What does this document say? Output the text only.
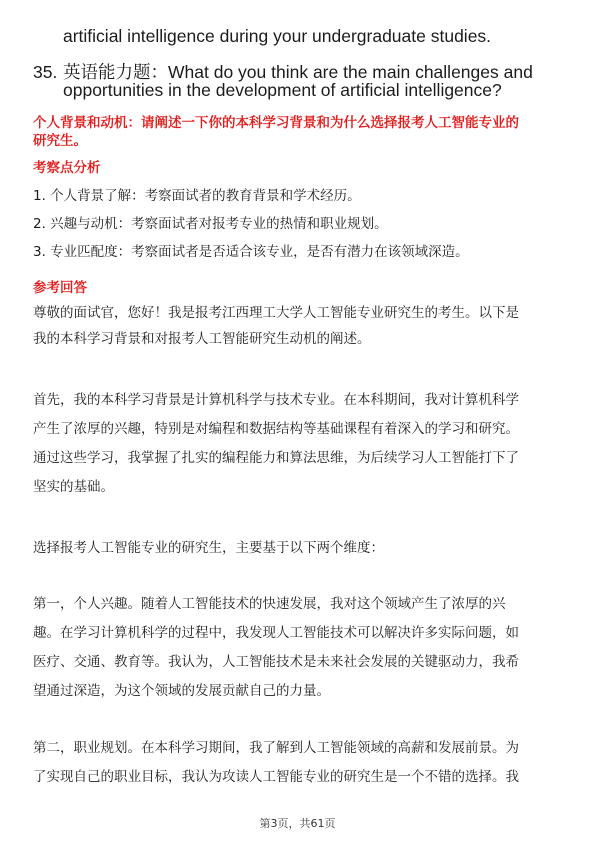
artificial intelligence during your undergraduate studies.
35. 英语能力题：What do you think are the main challenges and
opportunities in the development of artificial intelligence?
个人背景和动机：请阐述一下你的本科学习背景和为什么选择报考人工智能专业的
研究生。
考察点分析
1. 个人背景了解：考察面试者的教育背景和学术经历。
2. 兴趣与动机：考察面试者对报考专业的热情和职业规划。
3. 专业匹配度：考察面试者是否适合该专业，是否有潜力在该领域深造。
参考回答
尊敬的面试官，您好！我是报考江西理工大学人工智能专业研究生的考生。以下是
我的本科学习背景和对报考人工智能研究生动机的阐述。
首先，我的本科学习背景是计算机科学与技术专业。在本科期间，我对计算机科学
产生了浓厚的兴趣，特别是对编程和数据结构等基础课程有着深入的学习和研究。
通过这些学习，我掌握了扎实的编程能力和算法思维，为后续学习人工智能打下了
坚实的基础。
选择报考人工智能专业的研究生，主要基于以下两个维度：
第一，个人兴趣。随着人工智能技术的快速发展，我对这个领域产生了浓厚的兴
趣。在学习计算机科学的过程中，我发现人工智能技术可以解决许多实际问题，如
医疗、交通、教育等。我认为，人工智能技术是未来社会发展的关键驱动力，我希
望通过深造，为这个领域的发展贡献自己的力量。
第二，职业规划。在本科学习期间，我了解到人工智能领域的高薪和发展前景。为
了实现自己的职业目标，我认为攻读人工智能专业的研究生是一个不错的选择。我
第3页，共61页
